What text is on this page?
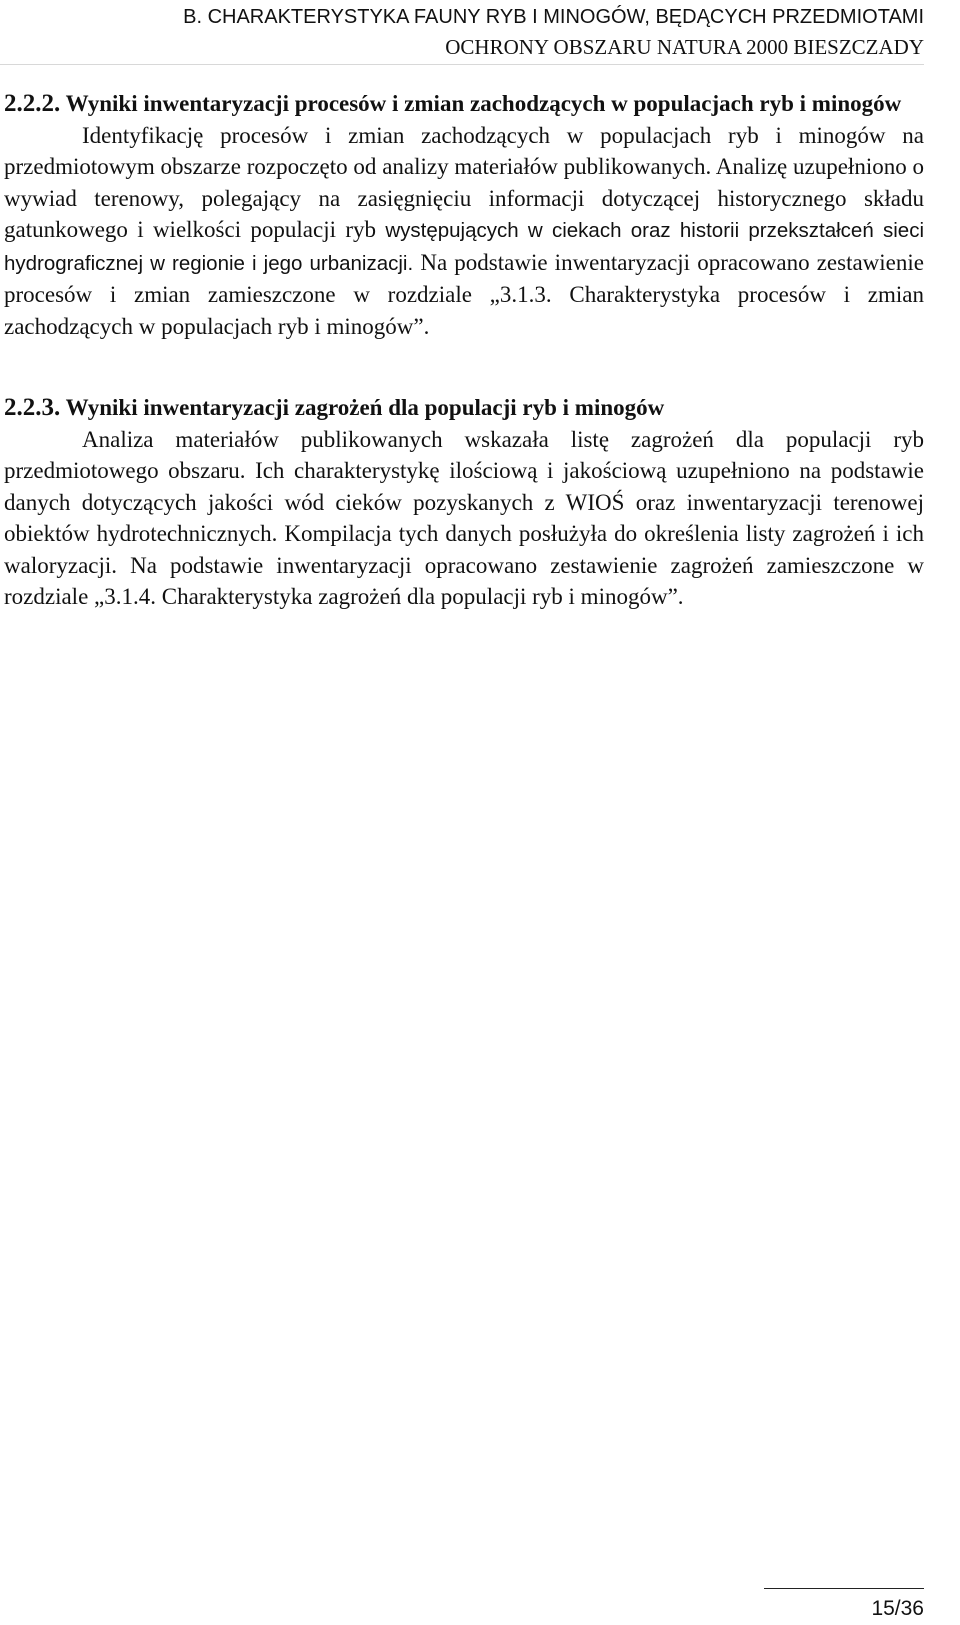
B. CHARAKTERYSTYKA FAUNY RYB I MINOGÓW, BĘDĄCYCH PRZEDMIOTAMI
OCHRONY OBSZARU NATURA 2000 BIESZCZADY

2.2.2. Wyniki inwentaryzacji procesów i zmian zachodzących w populacjach ryb i minogów

Identyfikację procesów i zmian zachodzących w populacjach ryb i minogów na przedmiotowym obszarze rozpoczęto od analizy materiałów publikowanych. Analizę uzupełniono o wywiad terenowy, polegający na zasięgnięciu informacji dotyczącej historycznego składu gatunkowego i wielkości populacji ryb występujących w ciekach oraz historii przekształceń sieci hydrograficznej w regionie i jego urbanizacji. Na podstawie inwentaryzacji opracowano zestawienie procesów i zmian zamieszczone w rozdziale „3.1.3. Charakterystyka procesów i zmian zachodzących w populacjach ryb i minogów”.

2.2.3. Wyniki inwentaryzacji zagrożeń dla populacji ryb i minogów

Analiza materiałów publikowanych wskazała listę zagrożeń dla populacji ryb przedmiotowego obszaru. Ich charakterystykę ilościową i jakościową uzupełniono na podstawie danych dotyczących jakości wód cieków pozyskanych z WIOŚ oraz inwentaryzacji terenowej obiektów hydrotechnicznych. Kompilacja tych danych posłużyła do określenia listy zagrożeń i ich waloryzacji. Na podstawie inwentaryzacji opracowano zestawienie zagrożeń zamieszczone w rozdziale „3.1.4. Charakterystyka zagrożeń dla populacji ryb i minogów”.

15/36
